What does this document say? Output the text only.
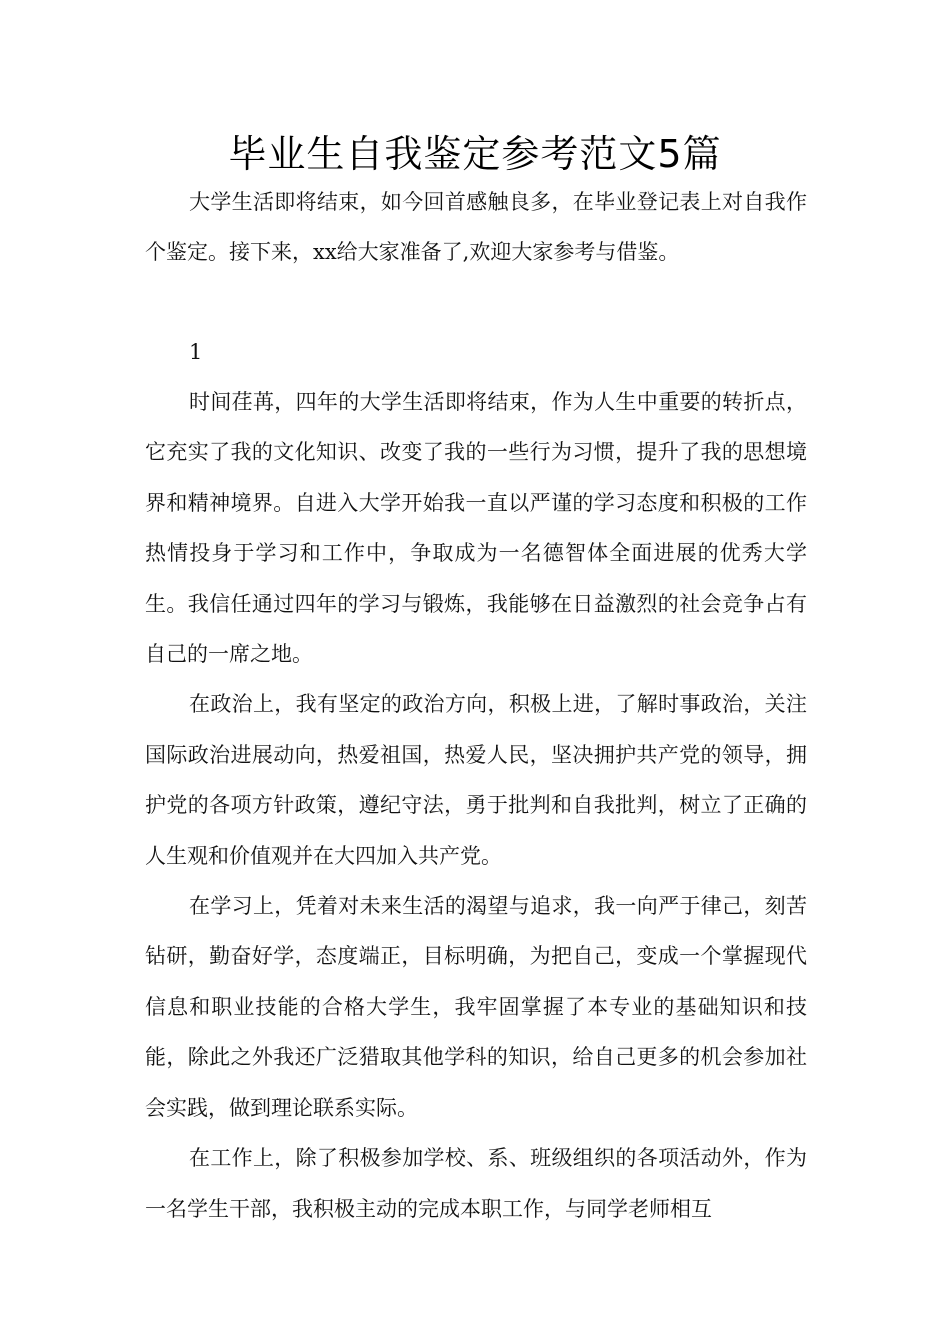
毕业生自我鉴定参考范文5篇

大学生活即将结束，如今回首感触良多，在毕业登记表上对自我作个鉴定。接下来，xx给大家准备了,欢迎大家参考与借鉴。

1

时间荏苒，四年的大学生活即将结束，作为人生中重要的转折点，它充实了我的文化知识、改变了我的一些行为习惯，提升了我的思想境界和精神境界。自进入大学开始我一直以严谨的学习态度和积极的工作热情投身于学习和工作中，争取成为一名德智体全面进展的优秀大学生。我信任通过四年的学习与锻炼，我能够在日益激烈的社会竞争占有自己的一席之地。

在政治上，我有坚定的政治方向，积极上进，了解时事政治，关注国际政治进展动向，热爱祖国，热爱人民，坚决拥护共产党的领导，拥护党的各项方针政策，遵纪守法，勇于批判和自我批判，树立了正确的人生观和价值观并在大四加入共产党。

在学习上，凭着对未来生活的渴望与追求，我一向严于律己，刻苦钻研，勤奋好学，态度端正，目标明确，为把自己，变成一个掌握现代信息和职业技能的合格大学生，我牢固掌握了本专业的基础知识和技能，除此之外我还广泛猎取其他学科的知识，给自己更多的机会参加社会实践，做到理论联系实际。

在工作上，除了积极参加学校、系、班级组织的各项活动外，作为一名学生干部，我积极主动的完成本职工作，与同学老师相互
